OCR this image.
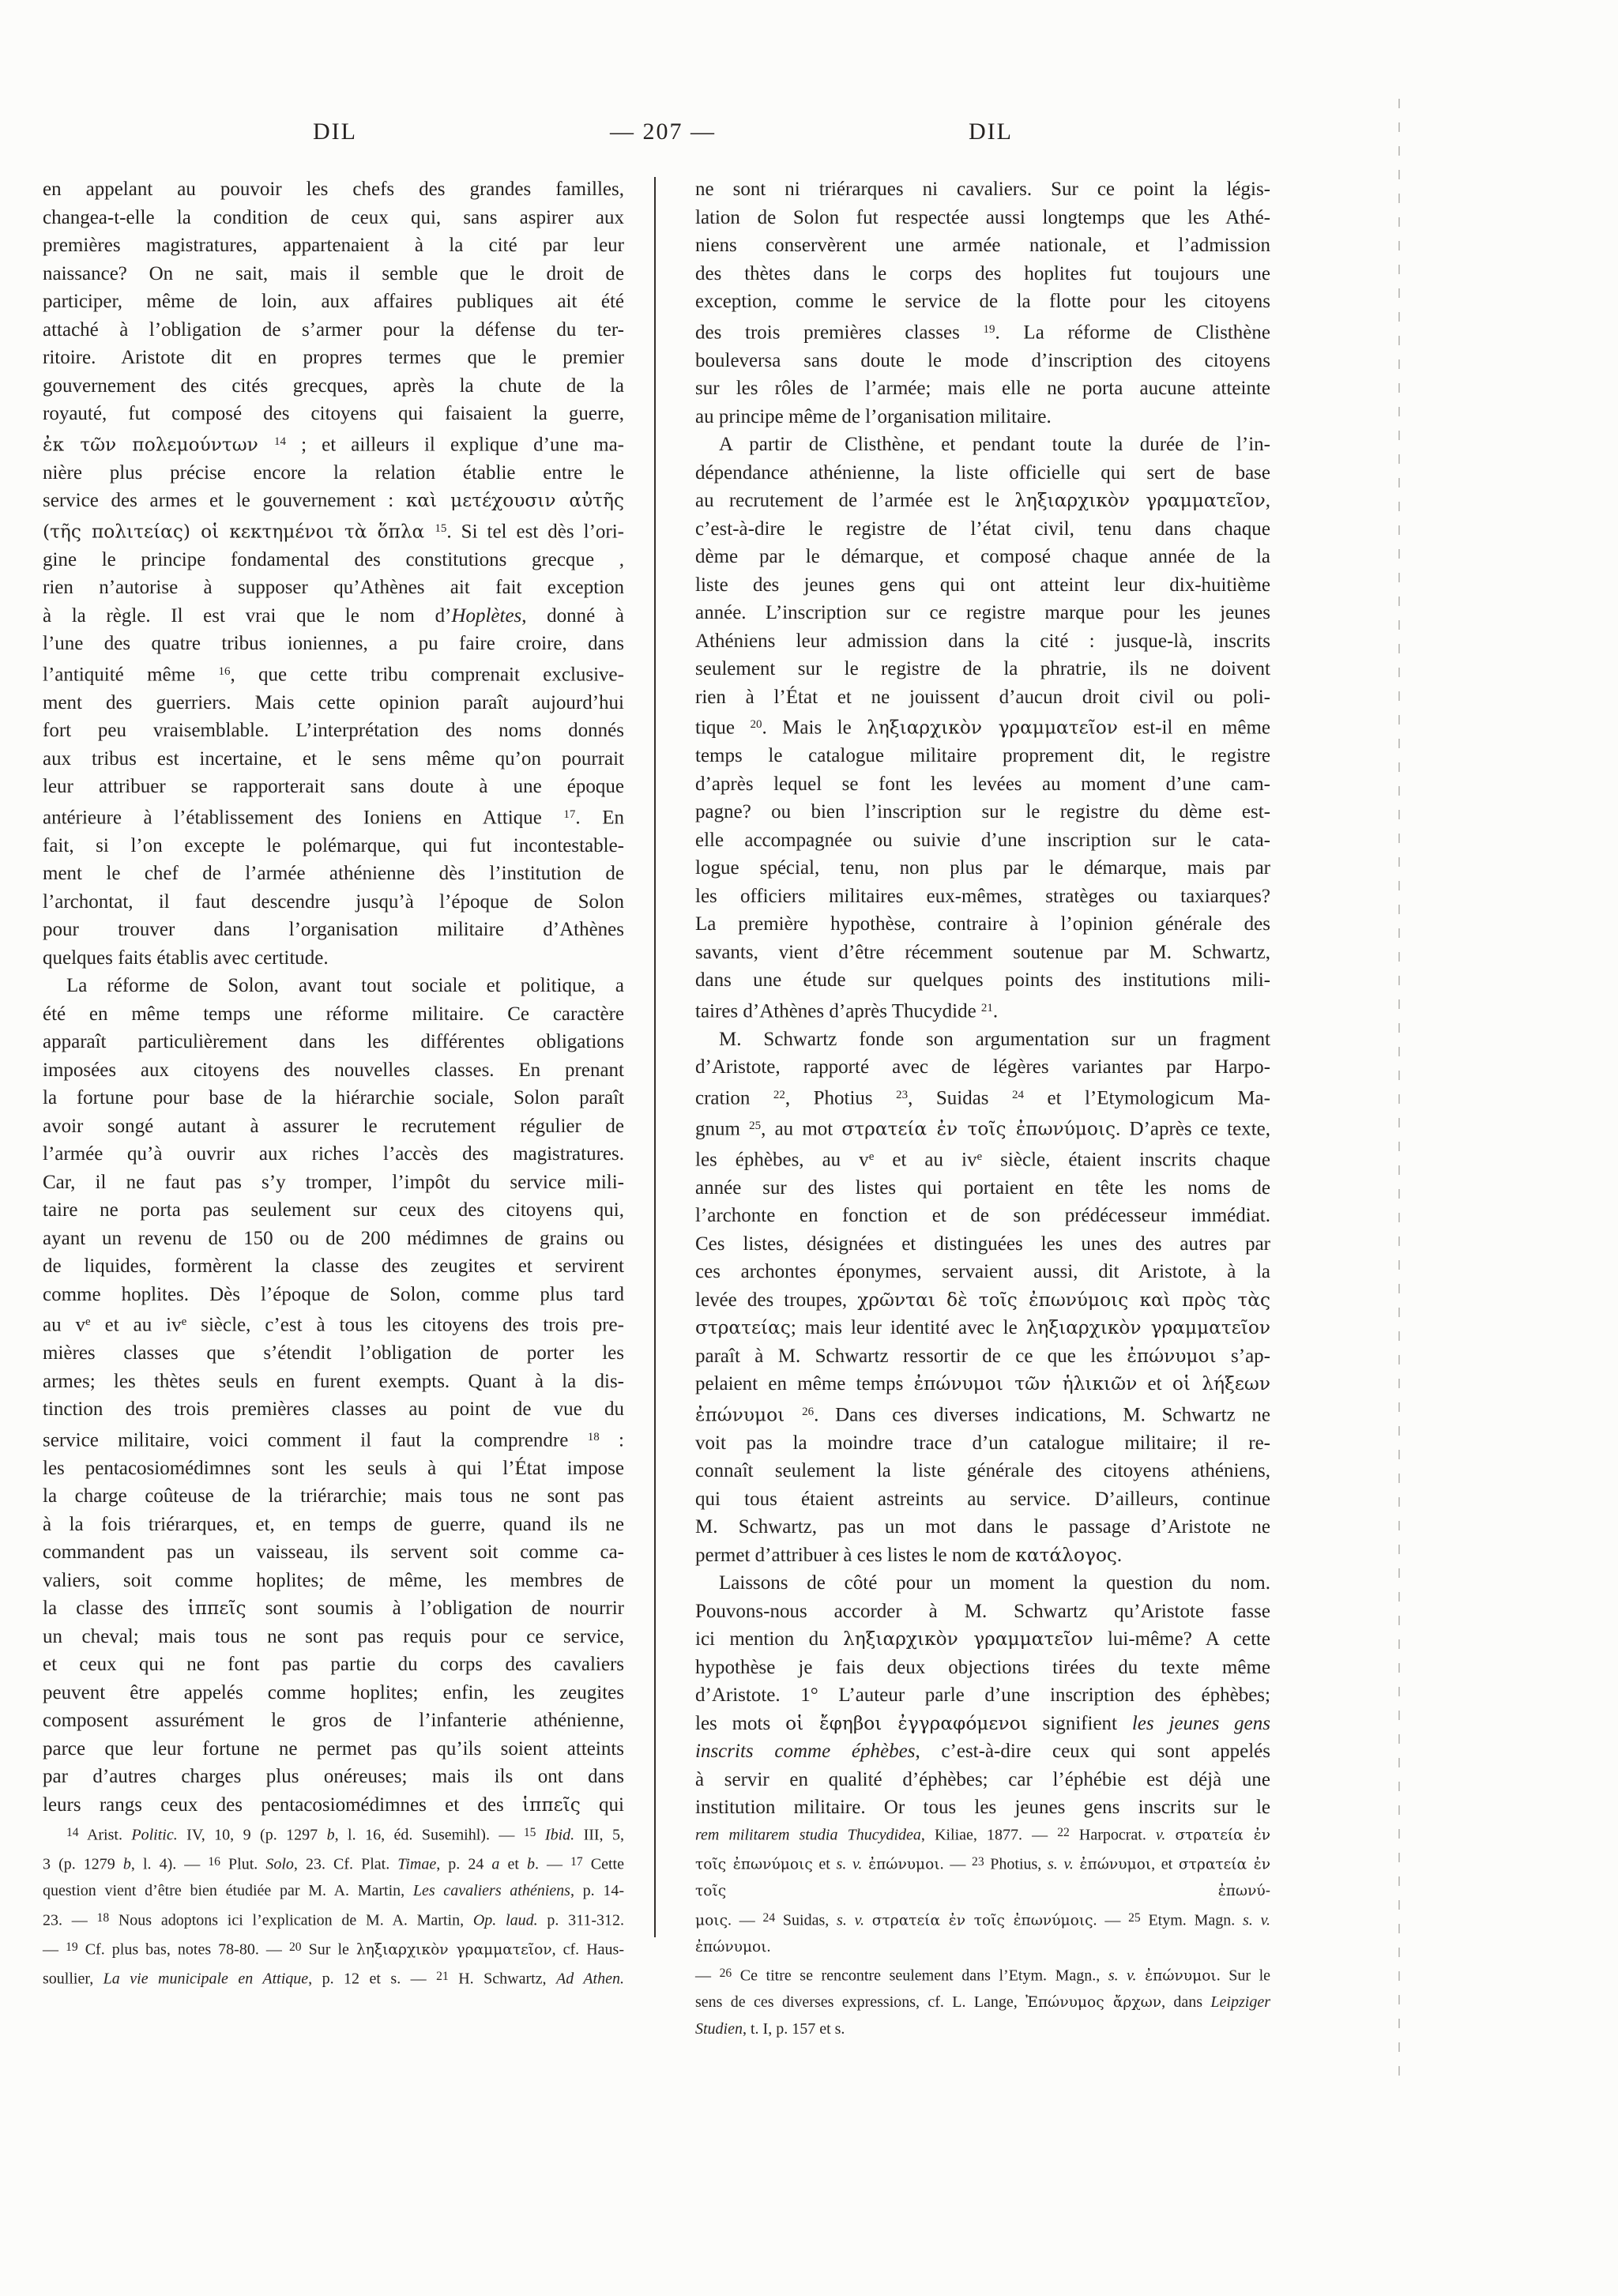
DIL	— 207 —	DIL
en appelant au pouvoir les chefs des grandes familles,
changea-t-elle la condition de ceux qui, sans aspirer aux
premières magistratures, appartenaient à la cité par leur
naissance? On ne sait, mais il semble que le droit de
participer, même de loin, aux affaires publiques ait été
attaché à l’obligation de s’armer pour la défense du ter-
ritoire. Aristote dit en propres termes que le premier
gouvernement des cités grecques, après la chute de la
royauté, fut composé des citoyens qui faisaient la guerre,
ἐκ τῶν πολεμούντων $^{14}$ ; et ailleurs il explique d’une ma-
nière plus précise encore la relation établie entre le
service des armes et le gouvernement : καὶ μετέχουσιν αὐτῆς
(τῆς πολιτείας) οἱ κεκτημένοι τὰ ὅπλα $^{15}$. Si tel est dès l’ori-
gine le principe fondamental des constitutions grecque ,
rien n’autorise à supposer qu’Athènes ait fait exception
à la règle. Il est vrai que le nom d’Hoplètes, donné à
l’une des quatre tribus ioniennes, a pu faire croire, dans
l’antiquité même $^{16}$, que cette tribu comprenait exclusive-
ment des guerriers. Mais cette opinion paraît aujourd’hui
fort peu vraisemblable. L’interprétation des noms donnés
aux tribus est incertaine, et le sens même qu’on pourrait
leur attribuer se rapporterait sans doute à une époque
antérieure à l’établissement des Ioniens en Attique $^{17}$. En
fait, si l’on excepte le polémarque, qui fut incontestable-
ment le chef de l’armée athénienne dès l’institution de
l’archontat, il faut descendre jusqu’à l’époque de Solon
pour trouver dans l’organisation militaire d’Athènes
quelques faits établis avec certitude.
La réforme de Solon, avant tout sociale et politique, a
été en même temps une réforme militaire. Ce caractère
apparaît particulièrement dans les différentes obligations
imposées aux citoyens des nouvelles classes. En prenant
la fortune pour base de la hiérarchie sociale, Solon paraît
avoir songé autant à assurer le recrutement régulier de
l’armée qu’à ouvrir aux riches l’accès des magistratures.
Car, il ne faut pas s’y tromper, l’impôt du service mili-
taire ne porta pas seulement sur ceux des citoyens qui,
ayant un revenu de 150 ou de 200 médimnes de grains ou
de liquides, formèrent la classe des zeugites et servirent
comme hoplites. Dès l’époque de Solon, comme plus tard
au $v^e$ et au $iv^e$ siècle, c’est à tous les citoyens des trois pre-
mières classes que s’étendit l’obligation de porter les
armes; les thètes seuls en furent exempts. Quant à la dis-
tinction des trois premières classes au point de vue du
service militaire, voici comment il faut la comprendre $^{18}$ :
les pentacosiomédimnes sont les seuls à qui l’État impose
la charge coûteuse de la triérarchie; mais tous ne sont pas
à la fois triérarques, et, en temps de guerre, quand ils ne
commandent pas un vaisseau, ils servent soit comme ca-
valiers, soit comme hoplites; de même, les membres de
la classe des ἱππεῖς sont soumis à l’obligation de nourrir
un cheval; mais tous ne sont pas requis pour ce service,
et ceux qui ne font pas partie du corps des cavaliers
peuvent être appelés comme hoplites; enfin, les zeugites
composent assurément le gros de l’infanterie athénienne,
parce que leur fortune ne permet pas qu’ils soient atteints
par d’autres charges plus onéreuses; mais ils ont dans
leurs rangs ceux des pentacosiomédimnes et des ἱππεῖς qui
ne sont ni triérarques ni cavaliers. Sur ce point la légis-
lation de Solon fut respectée aussi longtemps que les Athé-
niens conservèrent une armée nationale, et l’admission
des thètes dans le corps des hoplites fut toujours une
exception, comme le service de la flotte pour les citoyens
des trois premières classes $^{19}$. La réforme de Clisthène
bouleversa sans doute le mode d’inscription des citoyens
sur les rôles de l’armée; mais elle ne porta aucune atteinte
au principe même de l’organisation militaire.
A partir de Clisthène, et pendant toute la durée de l’in-
dépendance athénienne, la liste officielle qui sert de base
au recrutement de l’armée est le ληξιαρχικὸν γραμματεῖον,
c’est-à-dire le registre de l’état civil, tenu dans chaque
dème par le démarque, et composé chaque année de la
liste des jeunes gens qui ont atteint leur dix-huitième
année. L’inscription sur ce registre marque pour les jeunes
Athéniens leur admission dans la cité : jusque-là, inscrits
seulement sur le registre de la phratrie, ils ne doivent
rien à l’État et ne jouissent d’aucun droit civil ou poli-
tique $^{20}$. Mais le ληξιαρχικὸν γραμματεῖον est-il en même
temps le catalogue militaire proprement dit, le registre
d’après lequel se font les levées au moment d’une cam-
pagne? ou bien l’inscription sur le registre du dème est-
elle accompagnée ou suivie d’une inscription sur le cata-
logue spécial, tenu, non plus par le démarque, mais par
les officiers militaires eux-mêmes, stratèges ou taxiarques?
La première hypothèse, contraire à l’opinion générale des
savants, vient d’être récemment soutenue par M. Schwartz,
dans une étude sur quelques points des institutions mili-
taires d’Athènes d’après Thucydide $^{21}$.
M. Schwartz fonde son argumentation sur un fragment
d’Aristote, rapporté avec de légères variantes par Harpo-
cration $^{22}$, Photius $^{23}$, Suidas $^{24}$ et l’Etymologicum Ma-
gnum $^{25}$, au mot στρατεία ἐν τοῖς ἐπωνύμοις. D’après ce texte,
les éphèbes, au $v^e$ et au $iv^e$ siècle, étaient inscrits chaque
année sur des listes qui portaient en tête les noms de
l’archonte en fonction et de son prédécesseur immédiat.
Ces listes, désignées et distinguées les unes des autres par
ces archontes éponymes, servaient aussi, dit Aristote, à la
levée des troupes, χρῶνται δὲ τοῖς ἐπωνύμοις καὶ πρὸς τὰς
στρατείας; mais leur identité avec le ληξιαρχικὸν γραμματεῖον
paraît à M. Schwartz ressortir de ce que les ἐπώνυμοι s’ap-
pelaient en même temps ἐπώνυμοι τῶν ἡλικιῶν et οἱ λήξεων
ἐπώνυμοι $^{26}$. Dans ces diverses indications, M. Schwartz ne
voit pas la moindre trace d’un catalogue militaire; il re-
connaît seulement la liste générale des citoyens athéniens,
qui tous étaient astreints au service. D’ailleurs, continue
M. Schwartz, pas un mot dans le passage d’Aristote ne
permet d’attribuer à ces listes le nom de κατάλογος.
Laissons de côté pour un moment la question du nom.
Pouvons-nous accorder à M. Schwartz qu’Aristote fasse
ici mention du ληξιαρχικὸν γραμματεῖον lui-même? A cette
hypothèse je fais deux objections tirées du texte même
d’Aristote. 1° L’auteur parle d’une inscription des éphèbes;
les mots οἱ ἔφηβοι ἐγγραφόμενοι signifient les jeunes gens
inscrits comme éphèbes, c’est-à-dire ceux qui sont appelés
à servir en qualité d’éphèbes; car l’éphébie est déjà une
institution militaire. Or tous les jeunes gens inscrits sur le
$^{14}$ Arist. Politic. IV, 10, 9 (p. 1297 b, l. 16, éd. Susemihl). — $^{15}$ Ibid. III, 5,
3 (p. 1279 b, l. 4). — $^{16}$ Plut. Solo, 23. Cf. Plat. Timae, p. 24 a et b. — $^{17}$ Cette
question vient d’être bien étudiée par M. A. Martin, Les cavaliers athéniens, p. 14-
23. — $^{18}$ Nous adoptons ici l’explication de M. A. Martin, Op. laud. p. 311-312.
— $^{19}$ Cf. plus bas, notes 78-80. — $^{20}$ Sur le ληξιαρχικὸν γραμματεῖον, cf. Haus-
soullier, La vie municipale en Attique, p. 12 et s. — $^{21}$ H. Schwartz, Ad Athen.
rem militarem studia Thucydidea, Kiliae, 1877. — $^{22}$ Harpocrat. v. στρατεία ἐν
τοῖς ἐπωνύμοις et s. v. ἐπώνυμοι. — $^{23}$ Photius, s. v. ἐπώνυμοι, et στρατεία ἐν τοῖς ἐπωνύ-
μοις. — $^{24}$ Suidas, s. v. στρατεία ἐν τοῖς ἐπωνύμοις. — $^{25}$ Etym. Magn. s. v. ἐπώνυμοι.
— $^{26}$ Ce titre se rencontre seulement dans l’Etym. Magn., s. v. ἐπώνυμοι. Sur le
sens de ces diverses expressions, cf. L. Lange, Ἐπώνυμος ἄρχων, dans Leipziger
Studien, t. I, p. 157 et s.
